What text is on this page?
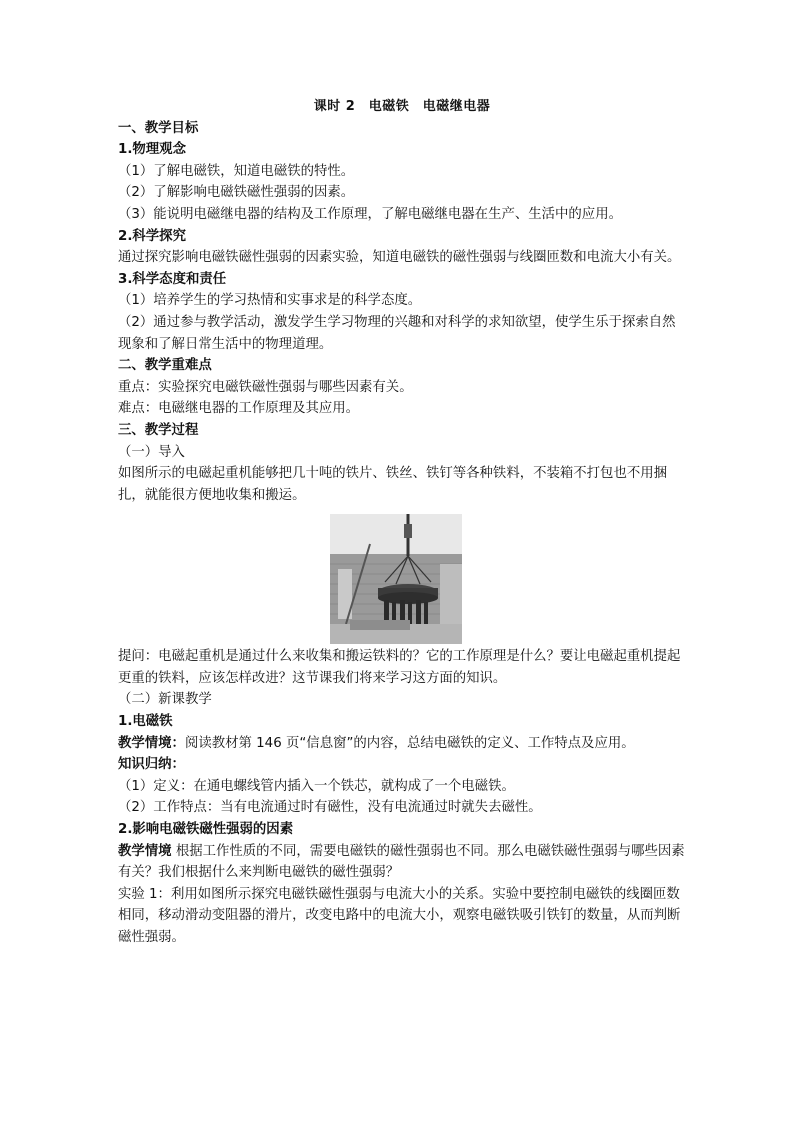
课时 2　电磁铁　电磁继电器
一、教学目标
1.物理观念
（1）了解电磁铁，知道电磁铁的特性。
（2）了解影响电磁铁磁性强弱的因素。
（3）能说明电磁继电器的结构及工作原理，了解电磁继电器在生产、生活中的应用。
2.科学探究
通过探究影响电磁铁磁性强弱的因素实验，知道电磁铁的磁性强弱与线圈匝数和电流大小有关。
3.科学态度和责任
（1）培养学生的学习热情和实事求是的科学态度。
（2）通过参与教学活动，激发学生学习物理的兴趣和对科学的求知欲望，使学生乐于探索自然现象和了解日常生活中的物理道理。
二、教学重难点
重点：实验探究电磁铁磁性强弱与哪些因素有关。
难点：电磁继电器的工作原理及其应用。
三、教学过程
（一）导入
如图所示的电磁起重机能够把几十吨的铁片、铁丝、铁钉等各种铁料，不装箱不打包也不用捆扎，就能很方便地收集和搬运。
提问：电磁起重机是通过什么来收集和搬运铁料的？它的工作原理是什么？要让电磁起重机提起更重的铁料，应该怎样改进？这节课我们将来学习这方面的知识。
（二）新课教学
1.电磁铁
教学情境：阅读教材第 146 页“信息窗”的内容，总结电磁铁的定义、工作特点及应用。
知识归纳：
（1）定义：在通电螺线管内插入一个铁芯，就构成了一个电磁铁。
（2）工作特点：当有电流通过时有磁性，没有电流通过时就失去磁性。
2.影响电磁铁磁性强弱的因素
教学情境 根据工作性质的不同，需要电磁铁的磁性强弱也不同。那么电磁铁磁性强弱与哪些因素有关？我们根据什么来判断电磁铁的磁性强弱？
实验 1：利用如图所示探究电磁铁磁性强弱与电流大小的关系。实验中要控制电磁铁的线圈匝数相同，移动滑动变阻器的滑片，改变电路中的电流大小，观察电磁铁吸引铁钉的数量，从而判断磁性强弱。
